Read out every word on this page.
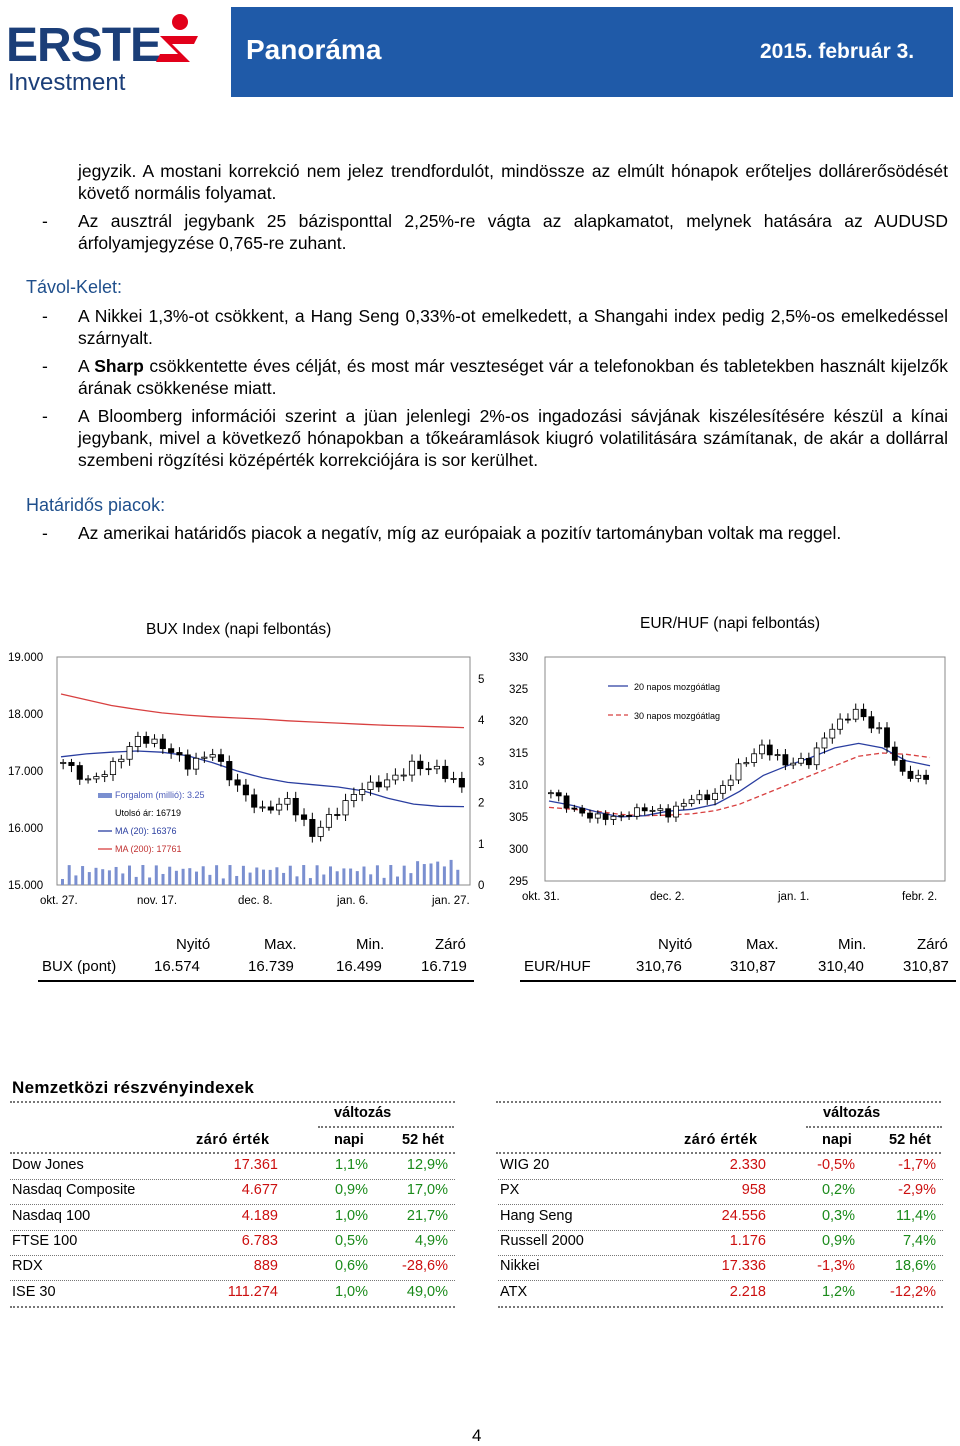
ERSTE
Investment
Panoráma	2015. február 3.
jegyzik. A mostani korrekció nem jelez trendfordulót, mindössze az elmúlt hónapok erőteljes dollárerősödését követő normális folyamat.
- Az ausztrál jegybank 25 bázisponttal 2,25%-re vágta az alapkamatot, melynek hatására az AUDUSD árfolyamjegyzése 0,765-re zuhant.
Távol-Kelet:
- A Nikkei 1,3%-ot csökkent, a Hang Seng 0,33%-ot emelkedett, a Shangahi index pedig 2,5%-os emelkedéssel szárnyalt.
- A Sharp csökkentette éves célját, és most már veszteséget vár a telefonokban és tabletekben használt kijelzők árának csökkenése miatt.
- A Bloomberg információi szerint a jüan jelenlegi 2%-os ingadozási sávjának kiszélesítésére készül a kínai jegybank, mivel a következő hónapokban a tőkeáramlások kiugró volatilitására számítanak, de akár a dollárral szembeni rögzítési középérték korrekciójára is sor kerülhet.
Határidős piacok:
- Az amerikai határidős piacok a negatív, míg az európaiak a pozitív tartományban voltak ma reggel.
BUX Index (napi felbontás)
19.000
18.000
17.000
16.000
15.000
5
4
3
2
1
0
okt. 27.	nov. 17.	dec. 8.	jan. 6.	jan. 27.
Forgalom (millió): 3.25
Utolsó ár: 16719
MA (20): 16376
MA (200): 17761
EUR/HUF (napi felbontás)
330
325
320
315
310
305
300
295
okt. 31.	dec. 2.	jan. 1.	febr. 2.
20 napos mozgóátlag
30 napos mozgóátlag
Nyitó	Max.	Min.	Záró
BUX (pont)	16.574	16.739	16.499	16.719
Nyitó	Max.	Min.	Záró
EUR/HUF	310,76	310,87	310,40	310,87
Nemzetközi részvényindexek
változás	változás
záró érték	napi	52 hét	záró érték	napi	52 hét
Dow Jones	17.361	1,1%	12,9%
Nasdaq Composite	4.677	0,9%	17,0%
Nasdaq 100	4.189	1,0%	21,7%
FTSE 100	6.783	0,5%	4,9%
RDX	889	0,6%	-28,6%
ISE 30	111.274	1,0%	49,0%
WIG 20	2.330	-0,5%	-1,7%
PX	958	0,2%	-2,9%
Hang Seng	24.556	0,3%	11,4%
Russell 2000	1.176	0,9%	7,4%
Nikkei	17.336	-1,3%	18,6%
ATX	2.218	1,2%	-12,2%
4
